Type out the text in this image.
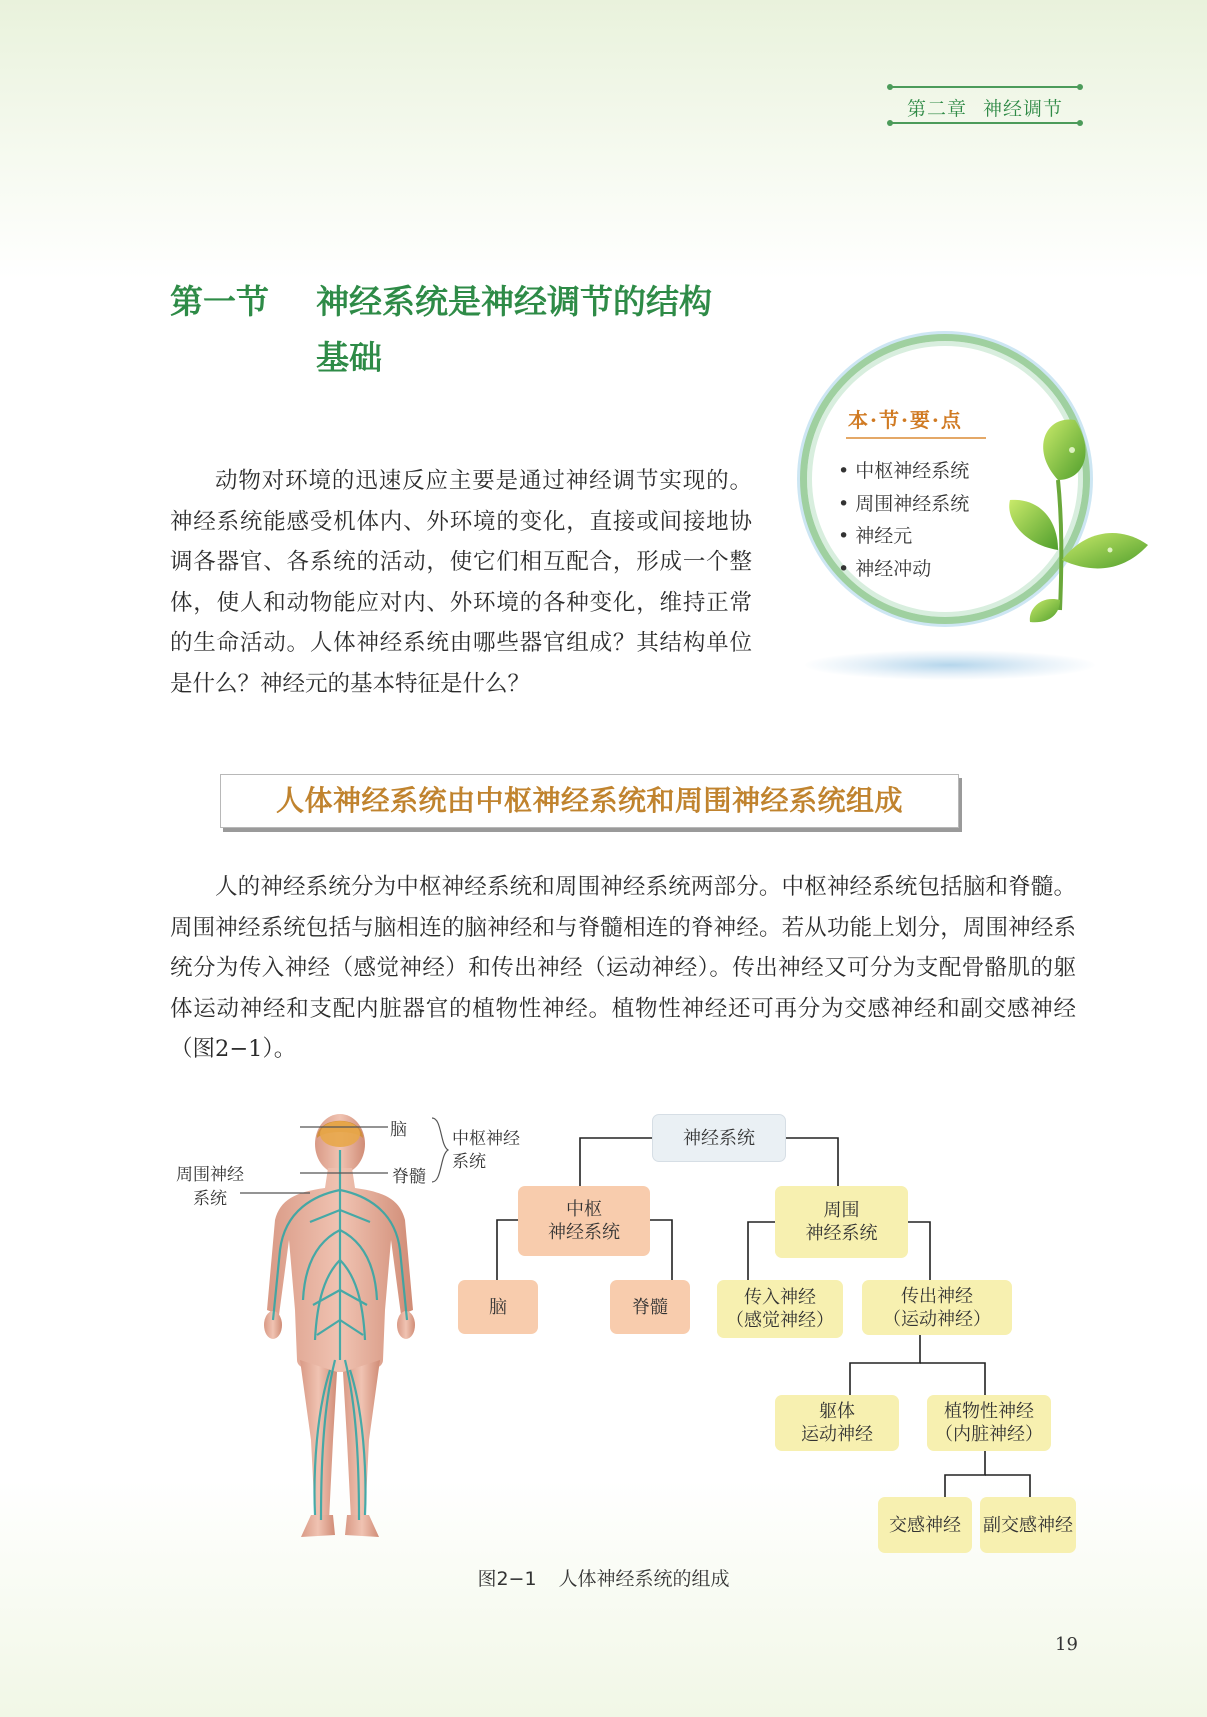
第二章 神经调节
第一节 神经系统是神经调节的结构
基础
本·节·要·点
• 中枢神经系统
• 周围神经系统
• 神经元
• 神经冲动
动物对环境的迅速反应主要是通过神经调节实现的。神经系统能感受机体内、外环境的变化，直接或间接地协调各器官、各系统的活动，使它们相互配合，形成一个整体，使人和动物能应对内、外环境的各种变化，维持正常的生命活动。人体神经系统由哪些器官组成？其结构单位是什么？神经元的基本特征是什么？
人体神经系统由中枢神经系统和周围神经系统组成
人的神经系统分为中枢神经系统和周围神经系统两部分。中枢神经系统包括脑和脊髓。周围神经系统包括与脑相连的脑神经和与脊髓相连的脊神经。若从功能上划分，周围神经系统分为传入神经（感觉神经）和传出神经（运动神经）。传出神经又可分为支配骨骼肌的躯体运动神经和支配内脏器官的植物性神经。植物性神经还可再分为交感神经和副交感神经（图2−1）。
脑
脊髓
中枢神经
系统
周围神经
系统
神经系统
中枢
神经系统
周围
神经系统
脑	脊髓	传入神经
（感觉神经）
传出神经
（运动神经）
躯体
运动神经
植物性神经
（内脏神经）
交感神经	副交感神经
图2−1 人体神经系统的组成
19
